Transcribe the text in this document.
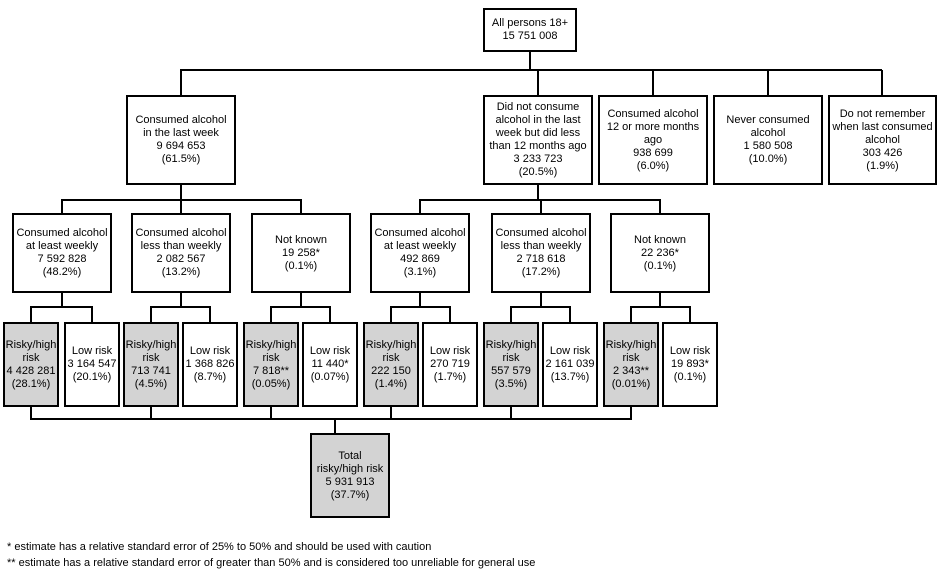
All persons 18+
15 751 008
Consumed alcohol in the last week
9 694 653
(61.5%)
Did not consume alcohol in the last week but did less than 12 months ago
3 233 723
(20.5%)
Consumed alcohol 12 or more months ago
938 699
(6.0%)
Never consumed alcohol
1 580 508
(10.0%)
Do not remember when last consumed alcohol
303 426
(1.9%)
Consumed alcohol at least weekly
7 592 828
(48.2%)
Consumed alcohol less than weekly
2 082 567
(13.2%)
Not known
19 258*
(0.1%)
Consumed alcohol at least weekly
492 869
(3.1%)
Consumed alcohol less than weekly
2 718 618
(17.2%)
Not known
22 236*
(0.1%)
Risky/high risk
4 428 281
(28.1%)
Low risk
3 164 547
(20.1%)
Risky/high risk
713 741
(4.5%)
Low risk
1 368 826
(8.7%)
Risky/high risk
7 818**
(0.05%)
Low risk
11 440*
(0.07%)
Risky/high risk
222 150
(1.4%)
Low risk
270 719
(1.7%)
Risky/high risk
557 579
(3.5%)
Low risk
2 161 039
(13.7%)
Risky/high risk
2 343**
(0.01%)
Low risk
19 893*
(0.1%)
Total risky/high risk
5 931 913
(37.7%)
* estimate has a relative standard error of 25% to 50% and should be used with caution
** estimate has a relative standard error of greater than 50% and is considered too unreliable for general use
